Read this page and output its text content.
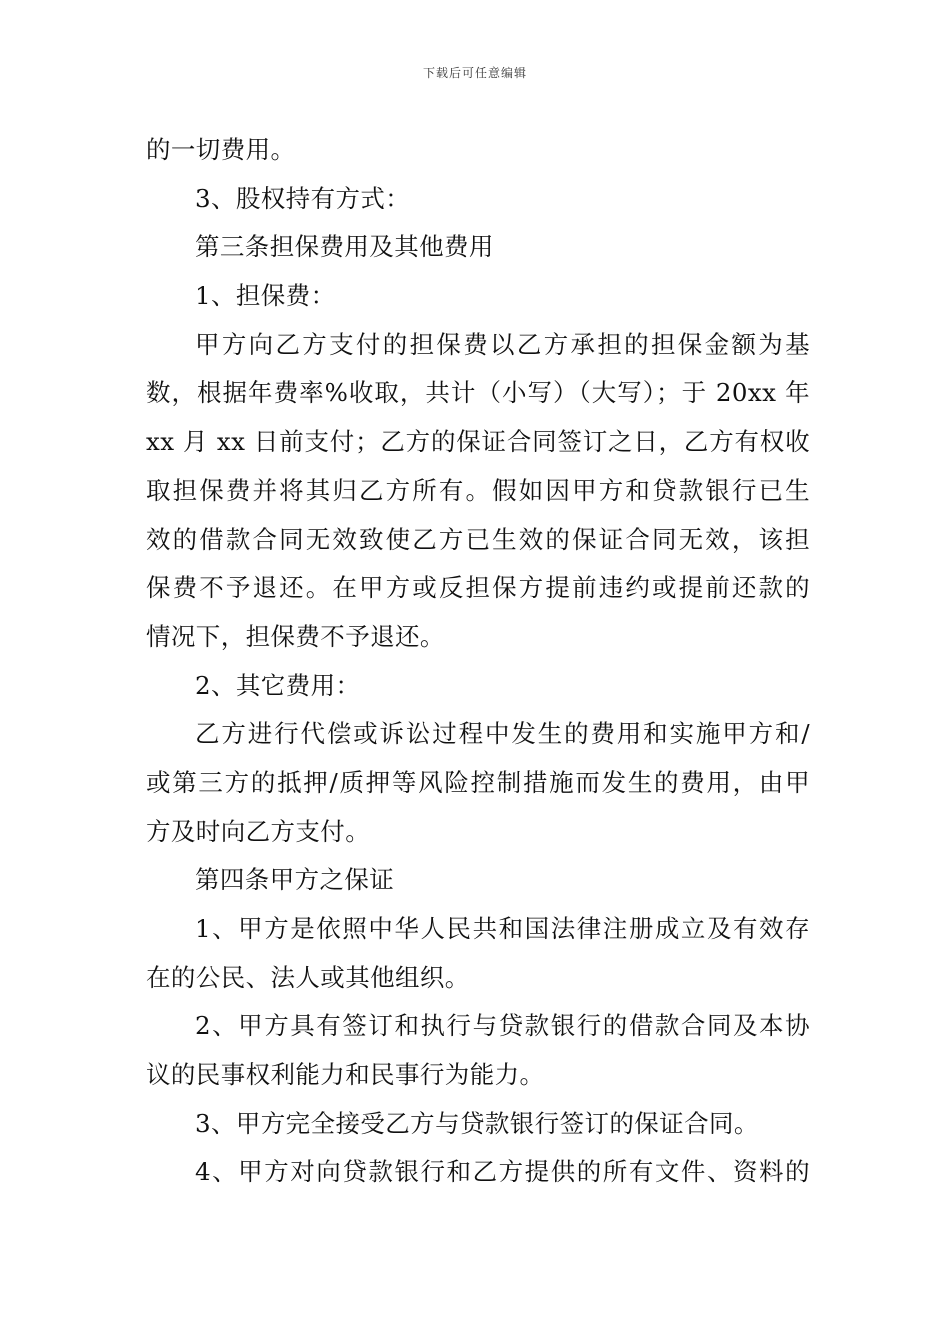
下载后可任意编辑
的一切费用。
3、股权持有方式：
第三条担保费用及其他费用
1、担保费：
甲方向乙方支付的担保费以乙方承担的担保金额为基
数，根据年费率%收取，共计（小写）（大写）；于 20xx 年
xx 月 xx 日前支付；乙方的保证合同签订之日，乙方有权收
取担保费并将其归乙方所有。假如因甲方和贷款银行已生
效的借款合同无效致使乙方已生效的保证合同无效，该担
保费不予退还。在甲方或反担保方提前违约或提前还款的
情况下，担保费不予退还。
2、其它费用：
乙方进行代偿或诉讼过程中发生的费用和实施甲方和/
或第三方的抵押/质押等风险控制措施而发生的费用，由甲
方及时向乙方支付。
第四条甲方之保证
1、甲方是依照中华人民共和国法律注册成立及有效存
在的公民、法人或其他组织。
2、甲方具有签订和执行与贷款银行的借款合同及本协
议的民事权利能力和民事行为能力。
3、甲方完全接受乙方与贷款银行签订的保证合同。
4、甲方对向贷款银行和乙方提供的所有文件、资料的
